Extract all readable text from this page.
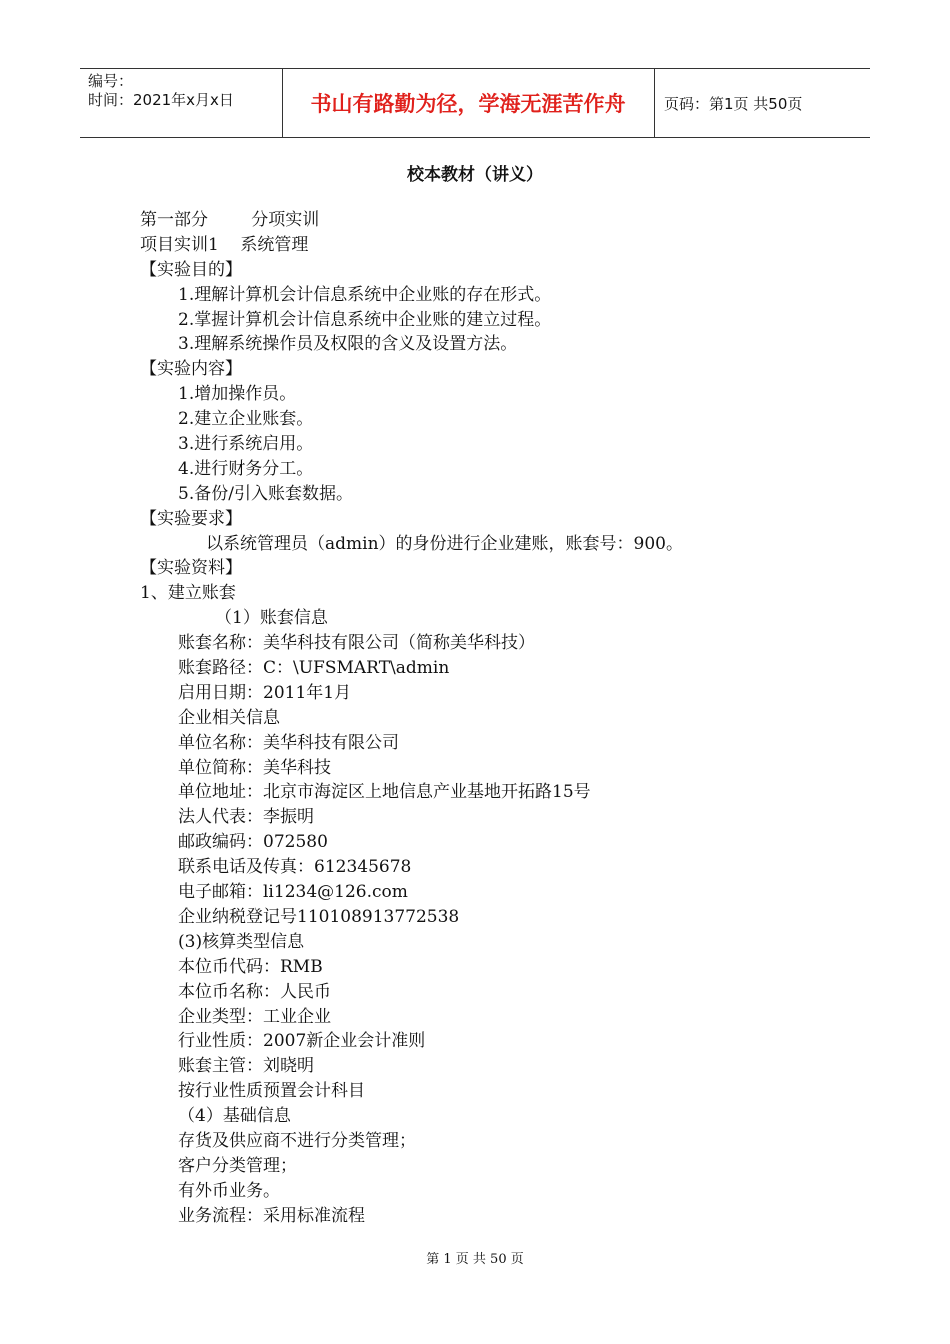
编号：
时间：2021年x月x日	书山有路勤为径，学海无涯苦作舟	页码：第1页 共50页
校本教材（讲义）
第一部分        分项实训
项目实训1    系统管理
【实验目的】
1.理解计算机会计信息系统中企业账的存在形式。
2.掌握计算机会计信息系统中企业账的建立过程。
3.理解系统操作员及权限的含义及设置方法。
【实验内容】
1.增加操作员。
2.建立企业账套。
3.进行系统启用。
4.进行财务分工。
5.备份/引入账套数据。
【实验要求】
以系统管理员（admin）的身份进行企业建账，账套号：900。
【实验资料】
1、建立账套
（1）账套信息
账套名称：美华科技有限公司（简称美华科技）
账套路径：C：\UFSMART\admin
启用日期：2011年1月
企业相关信息
单位名称：美华科技有限公司
单位简称：美华科技
单位地址：北京市海淀区上地信息产业基地开拓路15号
法人代表：李振明
邮政编码：072580
联系电话及传真：612345678
电子邮箱：li1234@126.com
企业纳税登记号110108913772538
(3)核算类型信息
本位币代码：RMB
本位币名称：人民币
企业类型：工业企业
行业性质：2007新企业会计准则
账套主管：刘晓明
按行业性质预置会计科目
（4）基础信息
存货及供应商不进行分类管理；
客户分类管理；
有外币业务。
业务流程：采用标准流程
第 1 页 共 50 页
